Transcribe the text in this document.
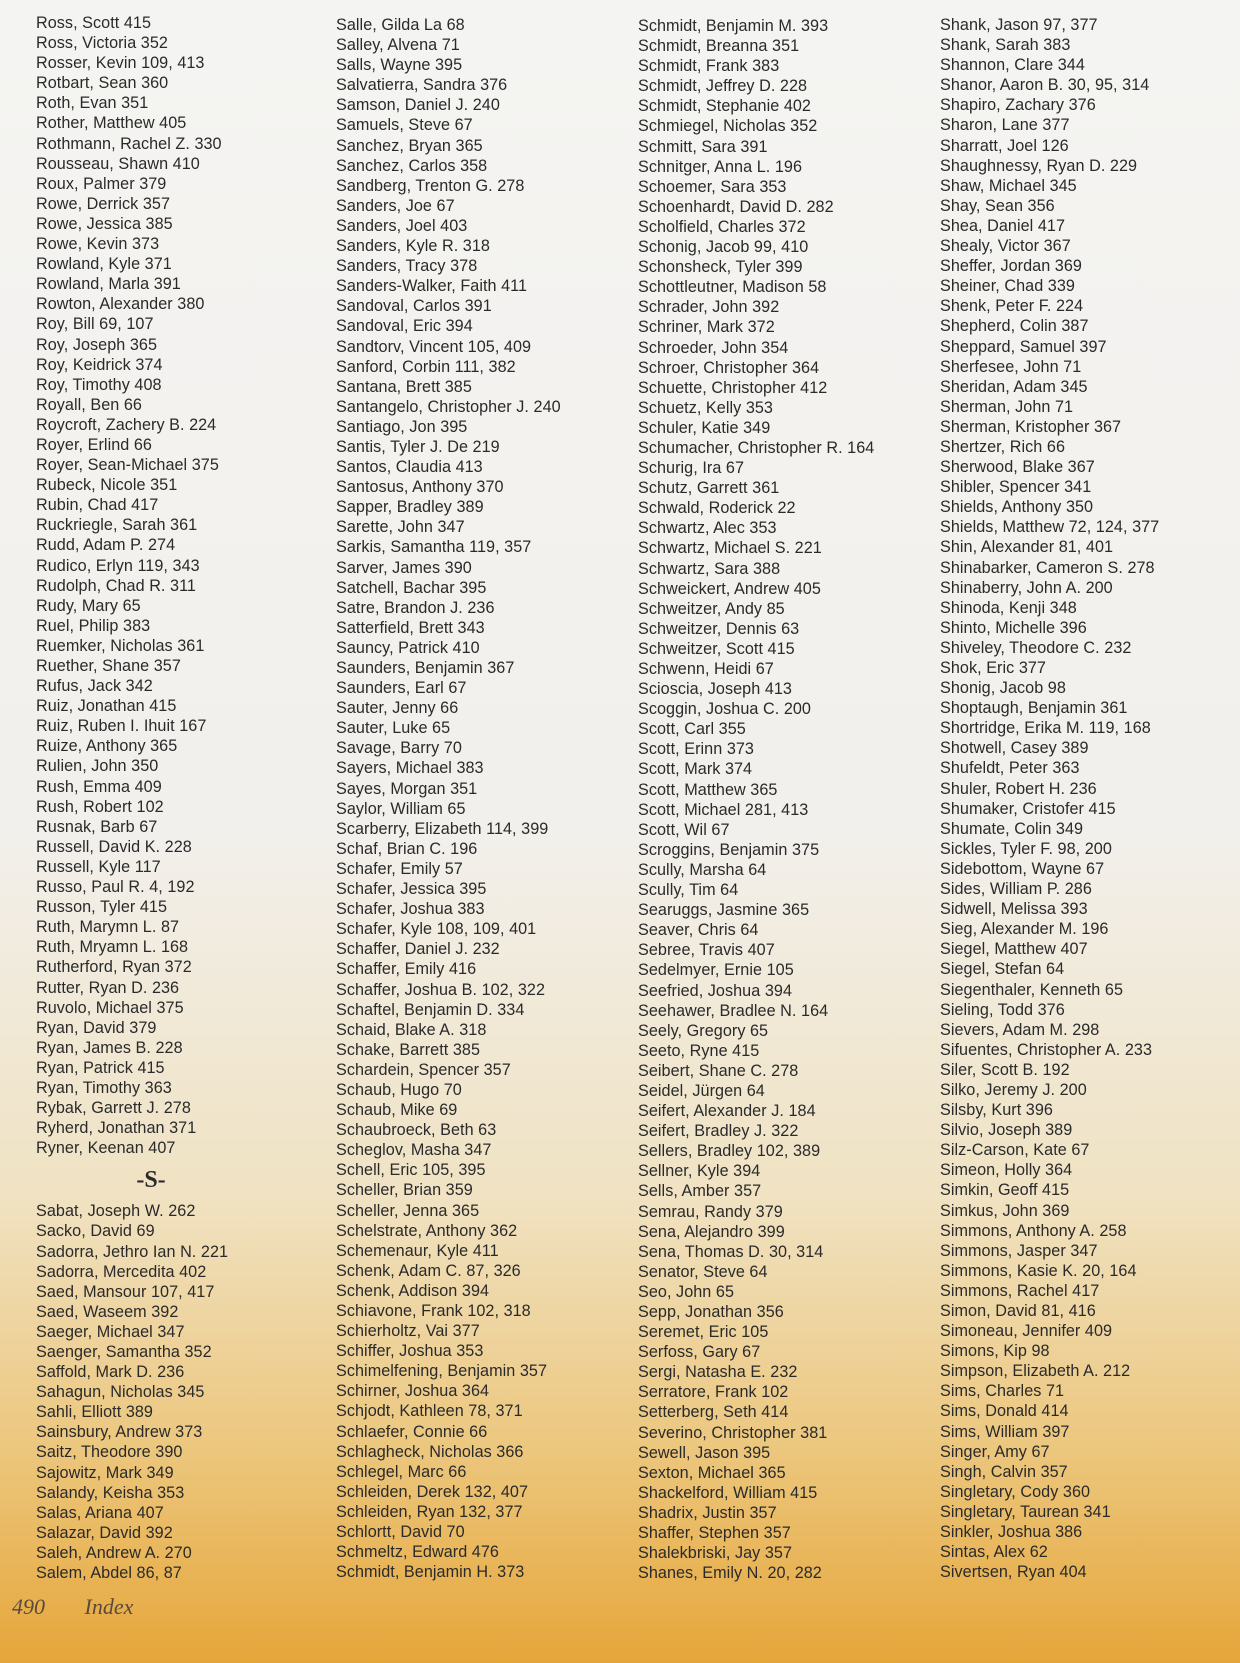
Ross, Scott 415
Ross, Victoria 352
Rosser, Kevin 109, 413
Rotbart, Sean 360
Roth, Evan 351
Rother, Matthew 405
Rothmann, Rachel Z. 330
Rousseau, Shawn 410
Roux, Palmer 379
Rowe, Derrick 357
Rowe, Jessica 385
Rowe, Kevin 373
Rowland, Kyle 371
Rowland, Marla 391
Rowton, Alexander 380
Roy, Bill 69, 107
Roy, Joseph 365
Roy, Keidrick 374
Roy, Timothy 408
Royall, Ben 66
Roycroft, Zachery B. 224
Royer, Erlind 66
Royer, Sean-Michael 375
Rubeck, Nicole 351
Rubin, Chad 417
Ruckriegle, Sarah 361
Rudd, Adam P. 274
Rudico, Erlyn 119, 343
Rudolph, Chad R. 311
Rudy, Mary 65
Ruel, Philip 383
Ruemker, Nicholas 361
Ruether, Shane 357
Rufus, Jack 342
Ruiz, Jonathan 415
Ruiz, Ruben I. Ihuit 167
Ruize, Anthony 365
Rulien, John 350
Rush, Emma 409
Rush, Robert 102
Rusnak, Barb 67
Russell, David K. 228
Russell, Kyle 117
Russo, Paul R. 4, 192
Russon, Tyler 415
Ruth, Marymn L. 87
Ruth, Mryamn L. 168
Rutherford, Ryan 372
Rutter, Ryan D. 236
Ruvolo, Michael 375
Ryan, David 379
Ryan, James B. 228
Ryan, Patrick 415
Ryan, Timothy 363
Rybak, Garrett J. 278
Ryherd, Jonathan 371
Ryner, Keenan 407
-S-
Sabat, Joseph W. 262
Sacko, David 69
Sadorra, Jethro Ian N. 221
Sadorra, Mercedita 402
Saed, Mansour 107, 417
Saed, Waseem 392
Saeger, Michael 347
Saenger, Samantha 352
Saffold, Mark D. 236
Sahagun, Nicholas 345
Sahli, Elliott 389
Sainsbury, Andrew 373
Saitz, Theodore 390
Sajowitz, Mark 349
Salandy, Keisha 353
Salas, Ariana 407
Salazar, David 392
Saleh, Andrew A. 270
Salem, Abdel 86, 87
Salle, Gilda La 68
Salley, Alvena 71
Salls, Wayne 395
Salvatierra, Sandra 376
Samson, Daniel J. 240
Samuels, Steve 67
Sanchez, Bryan 365
Sanchez, Carlos 358
Sandberg, Trenton G. 278
Sanders, Joe 67
Sanders, Joel 403
Sanders, Kyle R. 318
Sanders, Tracy 378
Sanders-Walker, Faith 411
Sandoval, Carlos 391
Sandoval, Eric 394
Sandtorv, Vincent 105, 409
Sanford, Corbin 111, 382
Santana, Brett 385
Santangelo, Christopher J. 240
Santiago, Jon 395
Santis, Tyler J. De 219
Santos, Claudia 413
Santosus, Anthony 370
Sapper, Bradley 389
Sarette, John 347
Sarkis, Samantha 119, 357
Sarver, James 390
Satchell, Bachar 395
Satre, Brandon J. 236
Satterfield, Brett 343
Sauncy, Patrick 410
Saunders, Benjamin 367
Saunders, Earl 67
Sauter, Jenny 66
Sauter, Luke 65
Savage, Barry 70
Sayers, Michael 383
Sayes, Morgan 351
Saylor, William 65
Scarberry, Elizabeth 114, 399
Schaf, Brian C. 196
Schafer, Emily 57
Schafer, Jessica 395
Schafer, Joshua 383
Schafer, Kyle 108, 109, 401
Schaffer, Daniel J. 232
Schaffer, Emily 416
Schaffer, Joshua B. 102, 322
Schaftel, Benjamin D. 334
Schaid, Blake A. 318
Schake, Barrett 385
Schardein, Spencer 357
Schaub, Hugo 70
Schaub, Mike 69
Schaubroeck, Beth 63
Scheglov, Masha 347
Schell, Eric 105, 395
Scheller, Brian 359
Scheller, Jenna 365
Schelstrate, Anthony 362
Schemenaur, Kyle 411
Schenk, Adam C. 87, 326
Schenk, Addison 394
Schiavone, Frank 102, 318
Schierholtz, Vai 377
Schiffer, Joshua 353
Schimelfening, Benjamin 357
Schirner, Joshua 364
Schjodt, Kathleen 78, 371
Schlaefer, Connie 66
Schlagheck, Nicholas 366
Schlegel, Marc 66
Schleiden, Derek 132, 407
Schleiden, Ryan 132, 377
Schlortt, David 70
Schmeltz, Edward 476
Schmidt, Benjamin H. 373
Schmidt, Benjamin M. 393
Schmidt, Breanna 351
Schmidt, Frank 383
Schmidt, Jeffrey D. 228
Schmidt, Stephanie 402
Schmiegel, Nicholas 352
Schmitt, Sara 391
Schnitger, Anna L. 196
Schoemer, Sara 353
Schoenhardt, David D. 282
Scholfield, Charles 372
Schonig, Jacob 99, 410
Schonsheck, Tyler 399
Schottleutner, Madison 58
Schrader, John 392
Schriner, Mark 372
Schroeder, John 354
Schroer, Christopher 364
Schuette, Christopher 412
Schuetz, Kelly 353
Schuler, Katie 349
Schumacher, Christopher R. 164
Schurig, Ira 67
Schutz, Garrett 361
Schwald, Roderick 22
Schwartz, Alec 353
Schwartz, Michael S. 221
Schwartz, Sara 388
Schweickert, Andrew 405
Schweitzer, Andy 85
Schweitzer, Dennis 63
Schweitzer, Scott 415
Schwenn, Heidi 67
Scioscia, Joseph 413
Scoggin, Joshua C. 200
Scott, Carl 355
Scott, Erinn 373
Scott, Mark 374
Scott, Matthew 365
Scott, Michael 281, 413
Scott, Wil 67
Scroggins, Benjamin 375
Scully, Marsha 64
Scully, Tim 64
Searuggs, Jasmine 365
Seaver, Chris 64
Sebree, Travis 407
Sedelmyer, Ernie 105
Seefried, Joshua 394
Seehawer, Bradlee N. 164
Seely, Gregory 65
Seeto, Ryne 415
Seibert, Shane C. 278
Seidel, Jürgen 64
Seifert, Alexander J. 184
Seifert, Bradley J. 322
Sellers, Bradley 102, 389
Sellner, Kyle 394
Sells, Amber 357
Semrau, Randy 379
Sena, Alejandro 399
Sena, Thomas D. 30, 314
Senator, Steve 64
Seo, John 65
Sepp, Jonathan 356
Seremet, Eric 105
Serfoss, Gary 67
Sergi, Natasha E. 232
Serratore, Frank 102
Setterberg, Seth 414
Severino, Christopher 381
Sewell, Jason 395
Sexton, Michael 365
Shackelford, William 415
Shadrix, Justin 357
Shaffer, Stephen 357
Shalekbriski, Jay 357
Shanes, Emily N. 20, 282
Shank, Jason 97, 377
Shank, Sarah 383
Shannon, Clare 344
Shanor, Aaron B. 30, 95, 314
Shapiro, Zachary 376
Sharon, Lane 377
Sharratt, Joel 126
Shaughnessy, Ryan D. 229
Shaw, Michael 345
Shay, Sean 356
Shea, Daniel 417
Shealy, Victor 367
Sheffer, Jordan 369
Sheiner, Chad 339
Shenk, Peter F. 224
Shepherd, Colin 387
Sheppard, Samuel 397
Sherfesee, John 71
Sheridan, Adam 345
Sherman, John 71
Sherman, Kristopher 367
Shertzer, Rich 66
Sherwood, Blake 367
Shibler, Spencer 341
Shields, Anthony 350
Shields, Matthew 72, 124, 377
Shin, Alexander 81, 401
Shinabarker, Cameron S. 278
Shinaberry, John A. 200
Shinoda, Kenji 348
Shinto, Michelle 396
Shiveley, Theodore C. 232
Shok, Eric 377
Shonig, Jacob 98
Shoptaugh, Benjamin 361
Shortridge, Erika M. 119, 168
Shotwell, Casey 389
Shufeldt, Peter 363
Shuler, Robert H. 236
Shumaker, Cristofer 415
Shumate, Colin 349
Sickles, Tyler F. 98, 200
Sidebottom, Wayne 67
Sides, William P. 286
Sidwell, Melissa 393
Sieg, Alexander M. 196
Siegel, Matthew 407
Siegel, Stefan 64
Siegenthaler, Kenneth 65
Sieling, Todd 376
Sievers, Adam M. 298
Sifuentes, Christopher A. 233
Siler, Scott B. 192
Silko, Jeremy J. 200
Silsby, Kurt 396
Silvio, Joseph 389
Silz-Carson, Kate 67
Simeon, Holly 364
Simkin, Geoff 415
Simkus, John 369
Simmons, Anthony A. 258
Simmons, Jasper 347
Simmons, Kasie K. 20, 164
Simmons, Rachel 417
Simon, David 81, 416
Simoneau, Jennifer 409
Simons, Kip 98
Simpson, Elizabeth A. 212
Sims, Charles 71
Sims, Donald 414
Sims, William 397
Singer, Amy 67
Singh, Calvin 357
Singletary, Cody 360
Singletary, Taurean 341
Sinkler, Joshua 386
Sintas, Alex 62
Sivertsen, Ryan 404
490 Index
